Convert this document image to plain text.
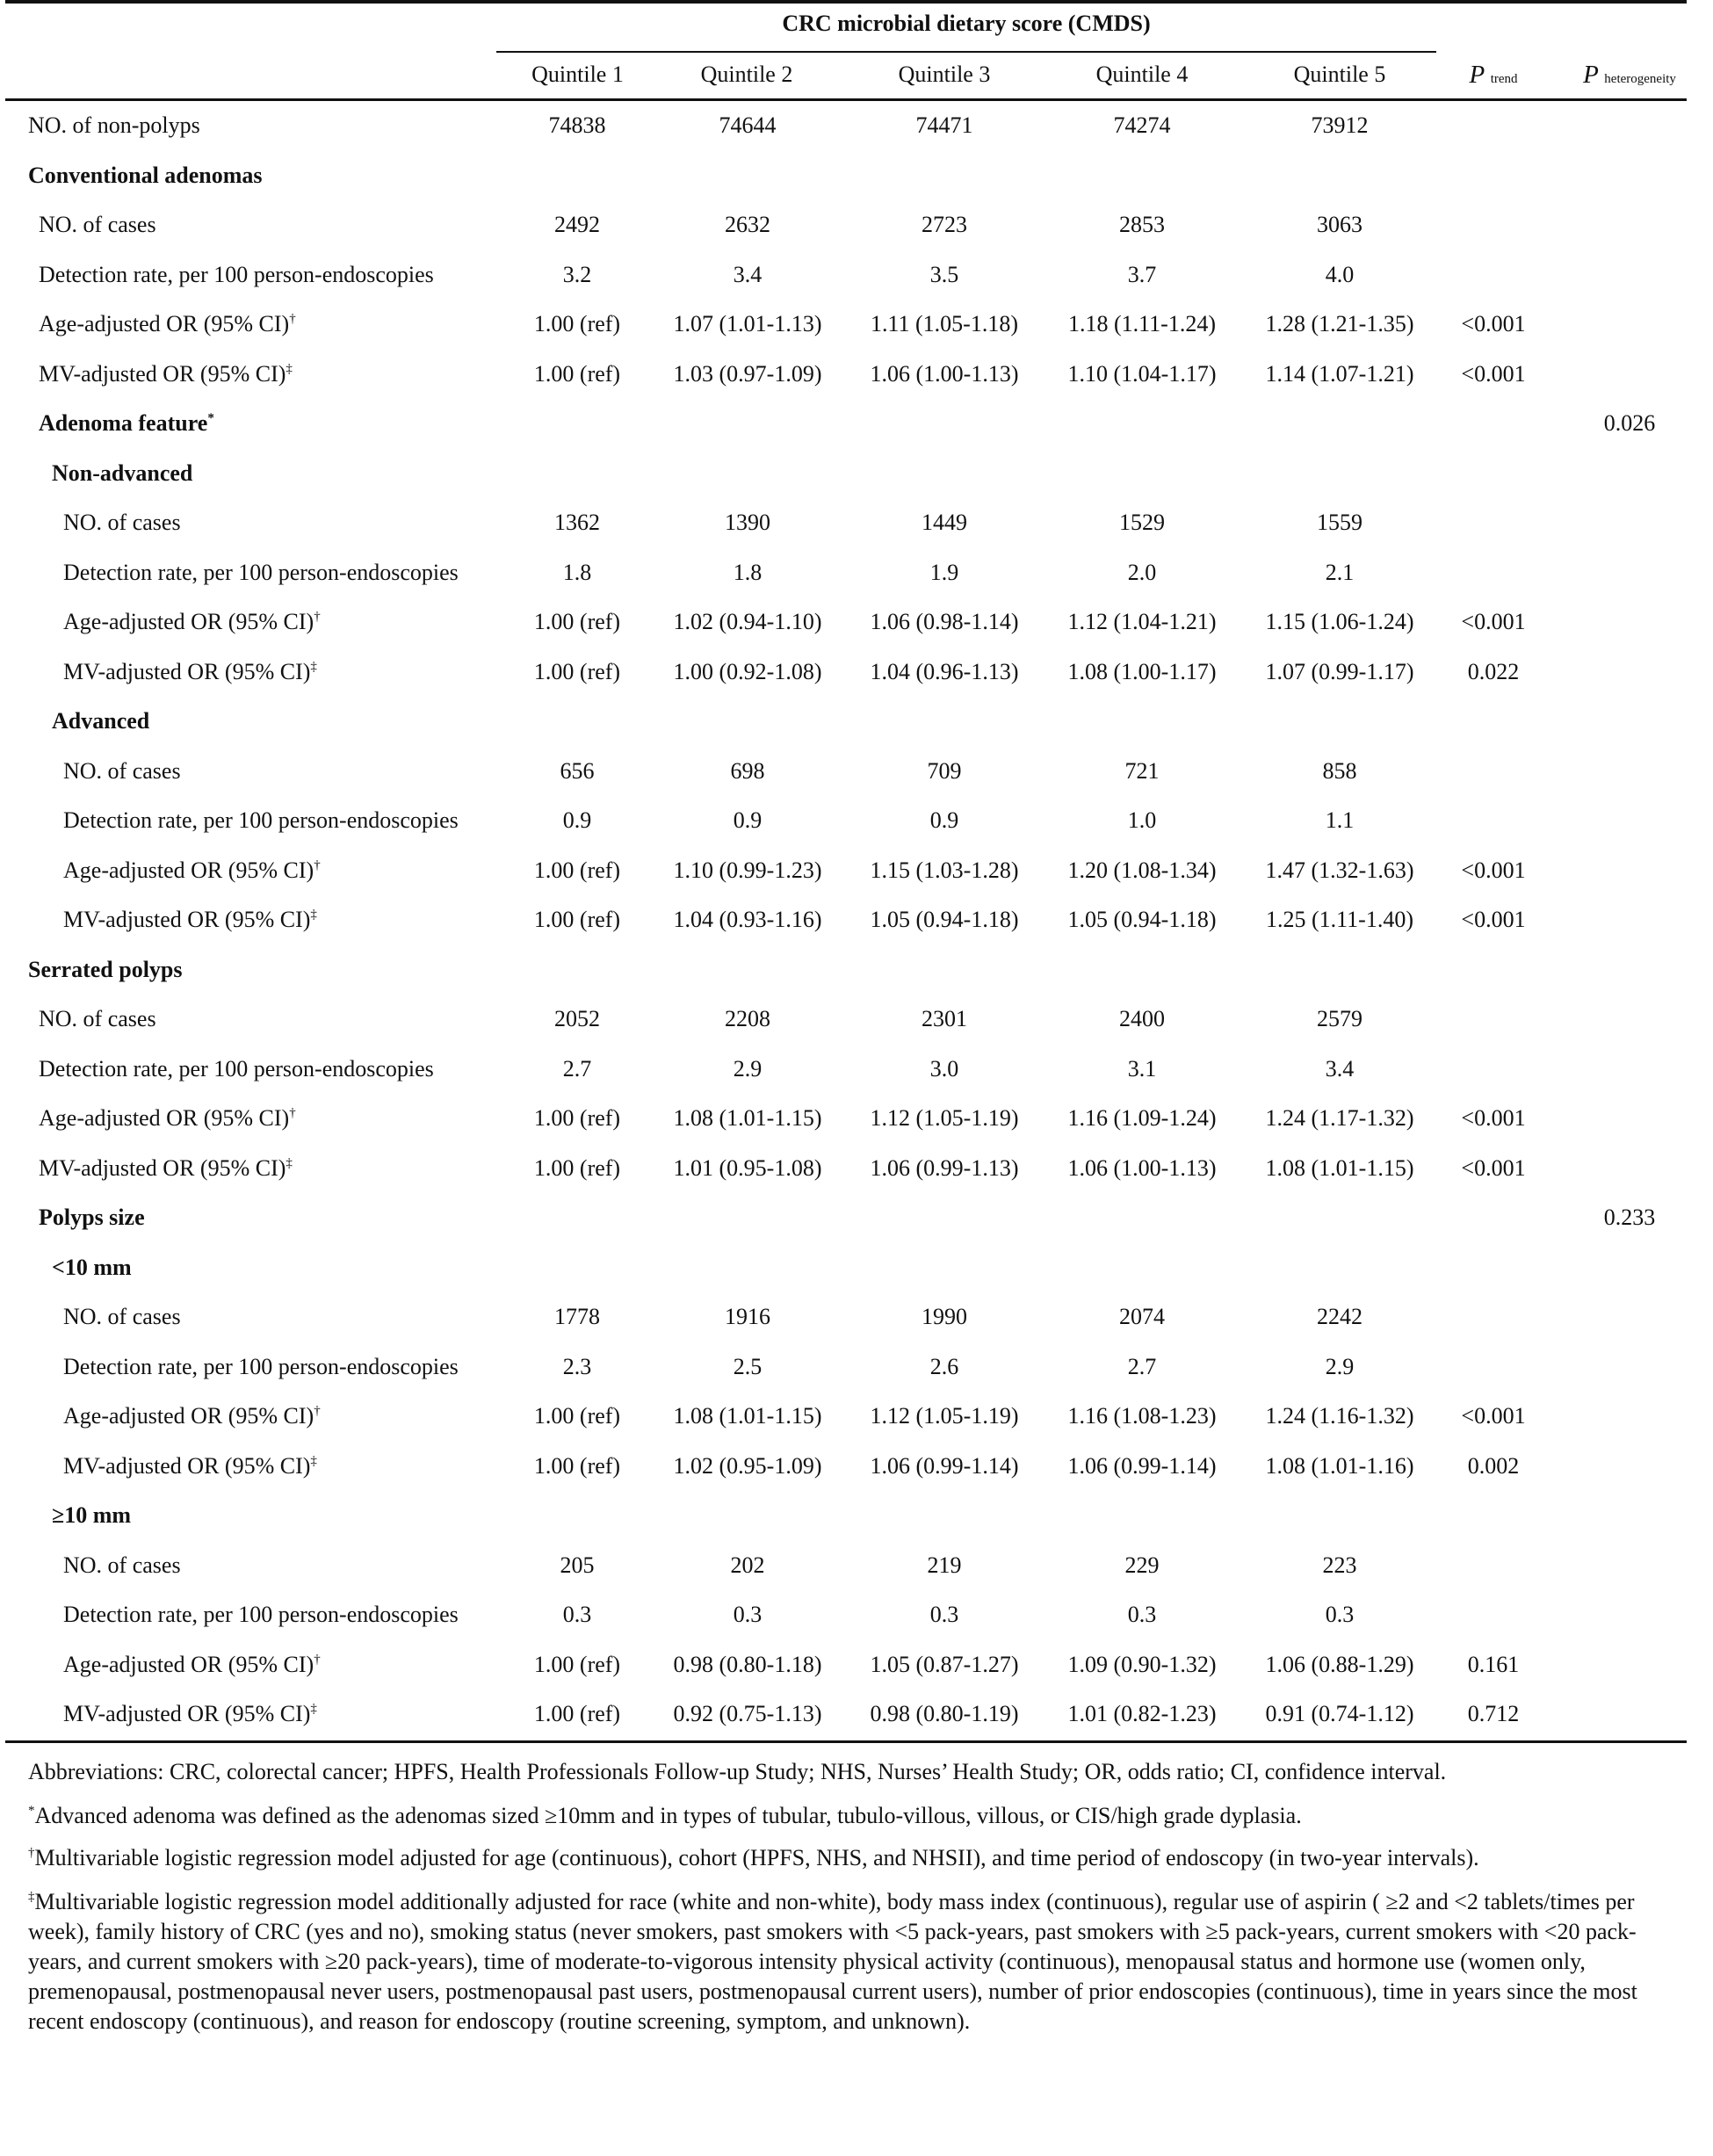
CRC microbial dietary score (CMDS)
Quintile 1	Quintile 2	Quintile 3	Quintile 4	Quintile 5	P trend	P heterogeneity
NO. of non-polyps	74838	74644	74471	74274	73912
Conventional adenomas
NO. of cases	2492	2632	2723	2853	3063
Detection rate, per 100 person-endoscopies	3.2	3.4	3.5	3.7	4.0
Age-adjusted OR (95% CI)†	1.00 (ref)	1.07 (1.01-1.13)	1.11 (1.05-1.18)	1.18 (1.11-1.24)	1.28 (1.21-1.35)	<0.001
MV-adjusted OR (95% CI)‡	1.00 (ref)	1.03 (0.97-1.09)	1.06 (1.00-1.13)	1.10 (1.04-1.17)	1.14 (1.07-1.21)	<0.001
Adenoma feature*	0.026
Non-advanced
NO. of cases	1362	1390	1449	1529	1559
Detection rate, per 100 person-endoscopies	1.8	1.8	1.9	2.0	2.1
Age-adjusted OR (95% CI)†	1.00 (ref)	1.02 (0.94-1.10)	1.06 (0.98-1.14)	1.12 (1.04-1.21)	1.15 (1.06-1.24)	<0.001
MV-adjusted OR (95% CI)‡	1.00 (ref)	1.00 (0.92-1.08)	1.04 (0.96-1.13)	1.08 (1.00-1.17)	1.07 (0.99-1.17)	0.022
Advanced
NO. of cases	656	698	709	721	858
Detection rate, per 100 person-endoscopies	0.9	0.9	0.9	1.0	1.1
Age-adjusted OR (95% CI)†	1.00 (ref)	1.10 (0.99-1.23)	1.15 (1.03-1.28)	1.20 (1.08-1.34)	1.47 (1.32-1.63)	<0.001
MV-adjusted OR (95% CI)‡	1.00 (ref)	1.04 (0.93-1.16)	1.05 (0.94-1.18)	1.05 (0.94-1.18)	1.25 (1.11-1.40)	<0.001
Serrated polyps
NO. of cases	2052	2208	2301	2400	2579
Detection rate, per 100 person-endoscopies	2.7	2.9	3.0	3.1	3.4
Age-adjusted OR (95% CI)†	1.00 (ref)	1.08 (1.01-1.15)	1.12 (1.05-1.19)	1.16 (1.09-1.24)	1.24 (1.17-1.32)	<0.001
MV-adjusted OR (95% CI)‡	1.00 (ref)	1.01 (0.95-1.08)	1.06 (0.99-1.13)	1.06 (1.00-1.13)	1.08 (1.01-1.15)	<0.001
Polyps size	0.233
<10 mm
NO. of cases	1778	1916	1990	2074	2242
Detection rate, per 100 person-endoscopies	2.3	2.5	2.6	2.7	2.9
Age-adjusted OR (95% CI)†	1.00 (ref)	1.08 (1.01-1.15)	1.12 (1.05-1.19)	1.16 (1.08-1.23)	1.24 (1.16-1.32)	<0.001
MV-adjusted OR (95% CI)‡	1.00 (ref)	1.02 (0.95-1.09)	1.06 (0.99-1.14)	1.06 (0.99-1.14)	1.08 (1.01-1.16)	0.002
≥10 mm
NO. of cases	205	202	219	229	223
Detection rate, per 100 person-endoscopies	0.3	0.3	0.3	0.3	0.3
Age-adjusted OR (95% CI)†	1.00 (ref)	0.98 (0.80-1.18)	1.05 (0.87-1.27)	1.09 (0.90-1.32)	1.06 (0.88-1.29)	0.161
MV-adjusted OR (95% CI)‡	1.00 (ref)	0.92 (0.75-1.13)	0.98 (0.80-1.19)	1.01 (0.82-1.23)	0.91 (0.74-1.12)	0.712
Abbreviations: CRC, colorectal cancer; HPFS, Health Professionals Follow-up Study; NHS, Nurses’ Health Study; OR, odds ratio; CI, confidence interval.
*Advanced adenoma was defined as the adenomas sized ≥10mm and in types of tubular, tubulo-villous, villous, or CIS/high grade dyplasia.
†Multivariable logistic regression model adjusted for age (continuous), cohort (HPFS, NHS, and NHSII), and time period of endoscopy (in two-year intervals).
‡Multivariable logistic regression model additionally adjusted for race (white and non-white), body mass index (continuous), regular use of aspirin ( ≥2 and <2 tablets/times per week), family history of CRC (yes and no), smoking status (never smokers, past smokers with <5 pack-years, past smokers with ≥5 pack-years, current smokers with <20 pack-years, and current smokers with ≥20 pack-years), time of moderate-to-vigorous intensity physical activity (continuous), menopausal status and hormone use (women only, premenopausal, postmenopausal never users, postmenopausal past users, postmenopausal current users), number of prior endoscopies (continuous), time in years since the most recent endoscopy (continuous), and reason for endoscopy (routine screening, symptom, and unknown).
